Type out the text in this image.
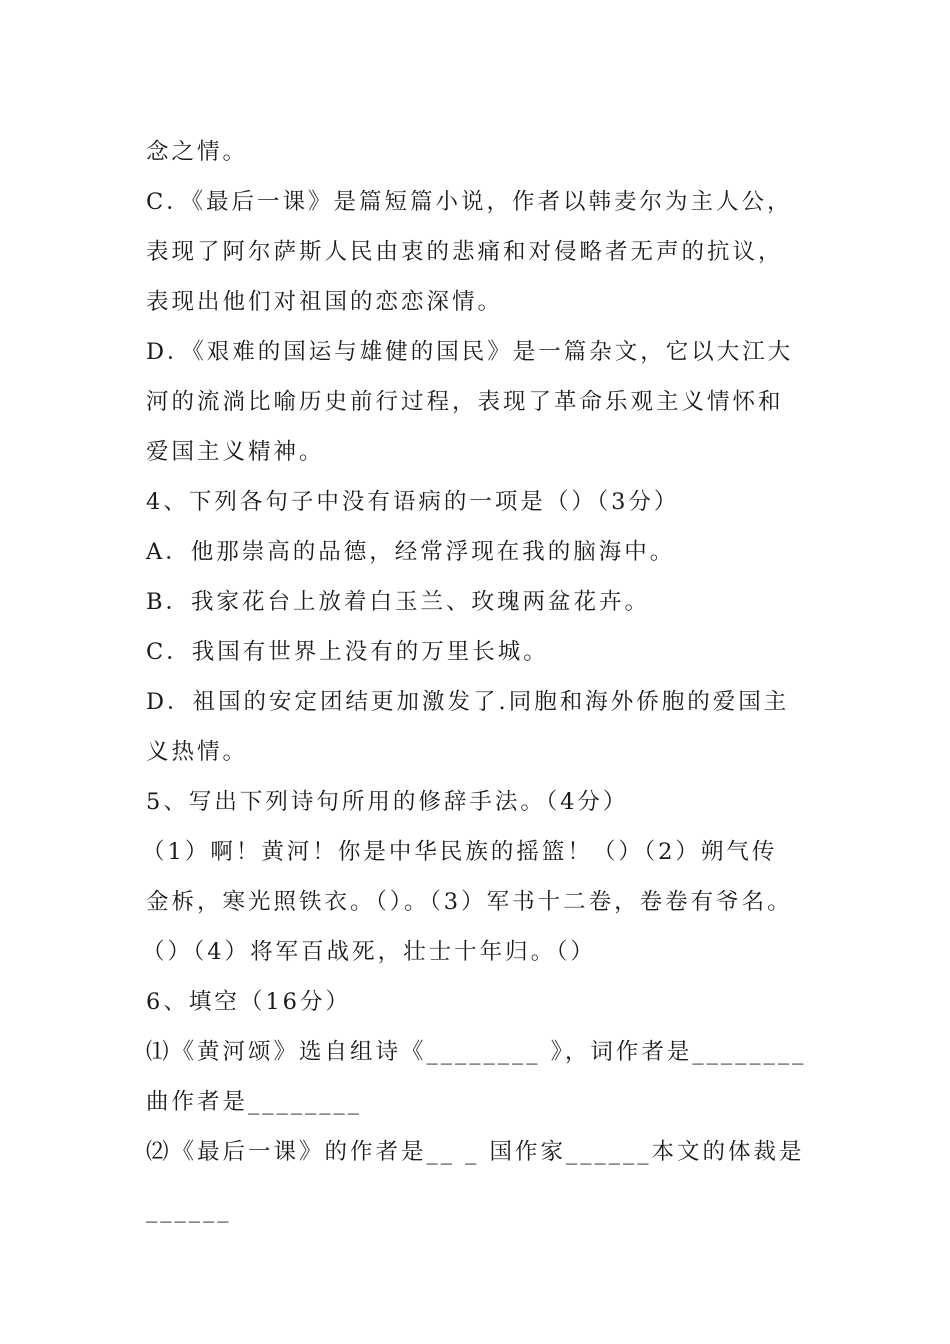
念之情。
C．《最后一课》是篇短篇小说，作者以韩麦尔为主人公，
表现了阿尔萨斯人民由衷的悲痛和对侵略者无声的抗议，
表现出他们对祖国的恋恋深情。
D．《艰难的国运与雄健的国民》是一篇杂文，它以大江大
河的流淌比喻历史前行过程，表现了革命乐观主义情怀和
爱国主义精神。
4、下列各句子中没有语病的一项是（）（3分）
A．他那崇高的品德，经常浮现在我的脑海中。
B．我家花台上放着白玉兰、玫瑰两盆花卉。
C．我国有世界上没有的万里长城。
D．祖国的安定团结更加激发了.同胞和海外侨胞的爱国主
义热情。
5、写出下列诗句所用的修辞手法。（4分）
（1）啊！黄河！你是中华民族的摇篮！（）（2）朔气传
金柝，寒光照铁衣。（）。（3）军书十二卷，卷卷有爷名。
（）（4）将军百战死，壮士十年归。（）
6、填空（16分）
⑴《黄河颂》选自组诗《________ 》，词作者是________
曲作者是________
⑵《最后一课》的作者是__ _ 国作家______本文的体裁是
______
